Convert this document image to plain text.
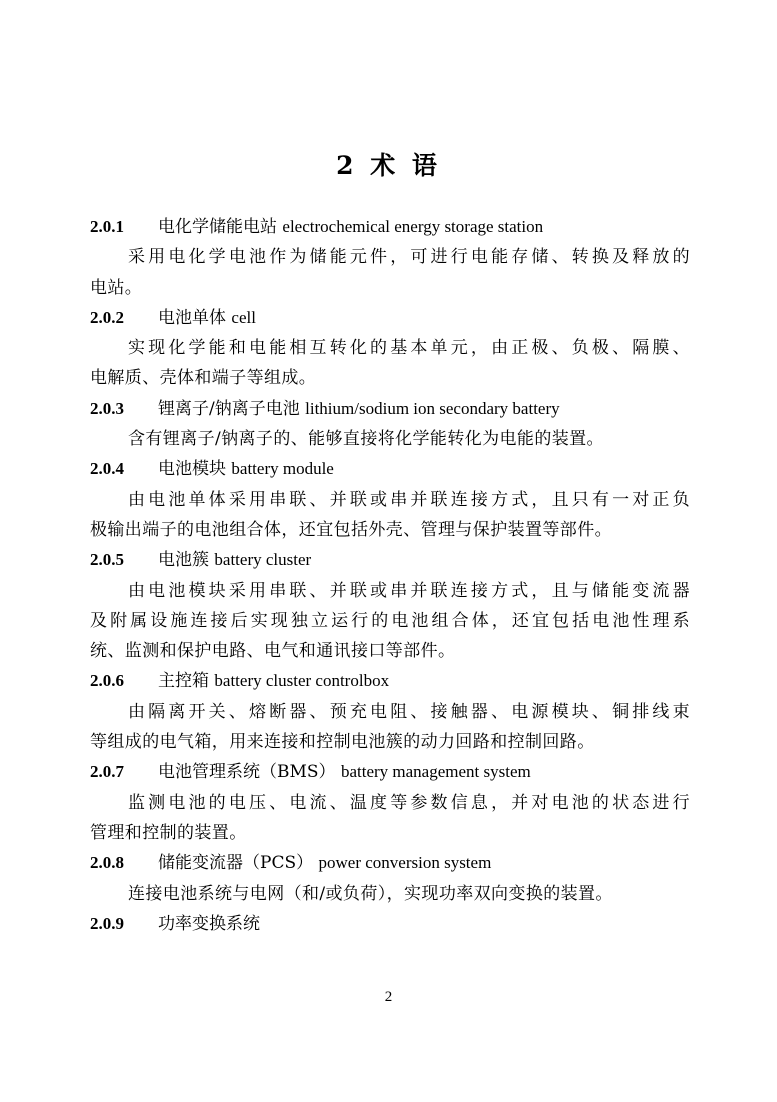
2 术 语
2.0.1 电化学储能电站 electrochemical energy storage station
采用电化学电池作为储能元件，可进行电能存储、转换及释放的
电站。
2.0.2 电池单体 cell
实现化学能和电能相互转化的基本单元，由正极、负极、隔膜、
电解质、壳体和端子等组成。
2.0.3 锂离子/钠离子电池 lithium/sodium ion secondary battery
含有锂离子/钠离子的、能够直接将化学能转化为电能的装置。
2.0.4 电池模块 battery module
由电池单体采用串联、并联或串并联连接方式，且只有一对正负
极输出端子的电池组合体，还宜包括外壳、管理与保护装置等部件。
2.0.5 电池簇 battery cluster
由电池模块采用串联、并联或串并联连接方式，且与储能变流器
及附属设施连接后实现独立运行的电池组合体，还宜包括电池性理系
统、监测和保护电路、电气和通讯接口等部件。
2.0.6 主控箱 battery cluster controlbox
由隔离开关、熔断器、预充电阻、接触器、电源模块、铜排线束
等组成的电气箱，用来连接和控制电池簇的动力回路和控制回路。
2.0.7 电池管理系统（BMS） battery management system
监测电池的电压、电流、温度等参数信息，并对电池的状态进行
管理和控制的装置。
2.0.8 储能变流器（PCS） power conversion system
连接电池系统与电网（和/或负荷），实现功率双向变换的装置。
2.0.9 功率变换系统
2
